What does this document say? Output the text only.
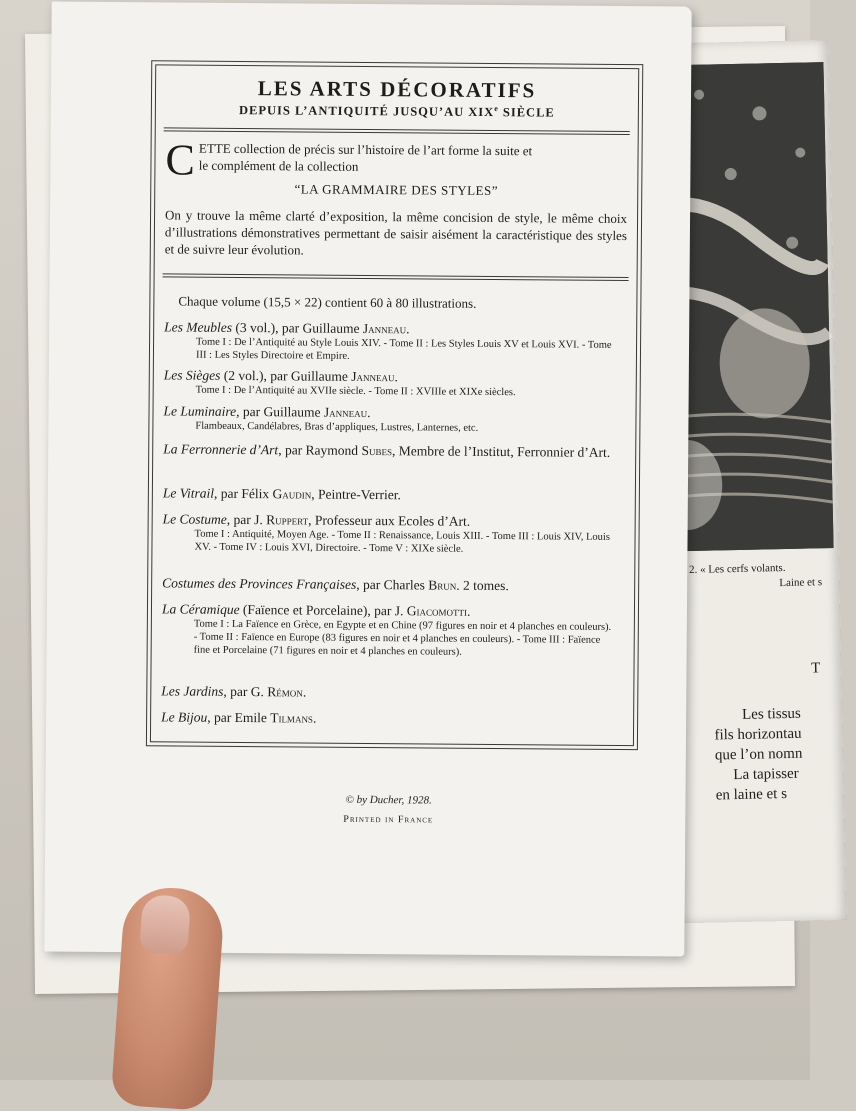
2. « Les cerfs volants.
Laine et s
T
Les tissus
fils horizontau
que l’on nomn
La tapisser
en laine et s
LES ARTS DÉCORATIFS
DEPUIS L’ANTIQUITÉ JUSQU’AU XIXe SIÈCLE
C ETTE collection de précis sur l’histoire de l’art forme la suite et

le complément de la collection

“LA GRAMMAIRE DES STYLES”

On y trouve la même clarté d’exposition, la même concision de style, le même choix d’illustrations démonstratives permettant de saisir aisément la caractéristique des styles et de suivre leur évolution.

Chaque volume (15,5 × 22) contient 60 à 80 illustrations.
Les Meubles (3 vol.), par Guillaume Janneau.
Tome I : De l’Antiquité au Style Louis XIV. - Tome II : Les Styles Louis XV et Louis XVI. - Tome III : Les Styles Directoire et Empire.
Les Sièges (2 vol.), par Guillaume Janneau.
Tome I : De l’Antiquité au XVIIe siècle. - Tome II : XVIIIe et XIXe siècles.
Le Luminaire, par Guillaume Janneau.
Flambeaux, Candélabres, Bras d’appliques, Lustres, Lanternes, etc.
La Ferronnerie d’Art, par Raymond Subes, Membre de l’Institut, Ferronnier d’Art.
Le Vitrail, par Félix Gaudin, Peintre-Verrier.
Le Costume, par J. Ruppert, Professeur aux Ecoles d’Art.
Tome I : Antiquité, Moyen Age. - Tome II : Renaissance, Louis XIII. - Tome III : Louis XIV, Louis XV. - Tome IV : Louis XVI, Directoire. - Tome V : XIXe siècle.
Costumes des Provinces Françaises, par Charles Brun. 2 tomes.
La Céramique (Faïence et Porcelaine), par J. Giacomotti.
Tome I : La Faïence en Grèce, en Egypte et en Chine (97 figures en noir et 4 planches en couleurs). - Tome II : Faïence en Europe (83 figures en noir et 4 planches en couleurs). - Tome III : Faïence fine et Porcelaine (71 figures en noir et 4 planches en couleurs).
Les Jardins, par G. Rémon.
Le Bijou, par Emile Tilmans.
© by Ducher, 1928.
Printed in France
